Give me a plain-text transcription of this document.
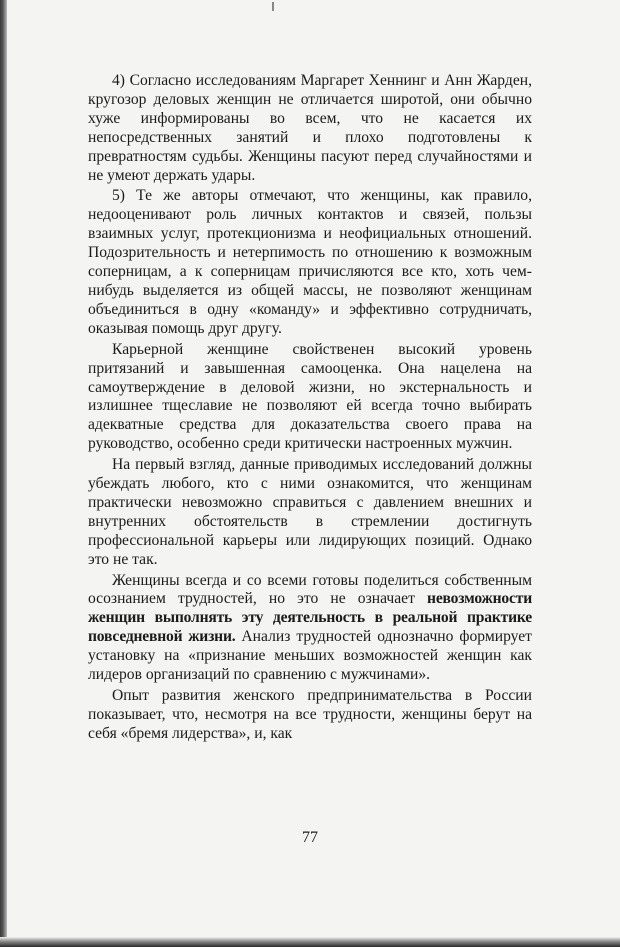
4) Согласно исследованиям Маргарет Хеннинг и Анн Жарден, кругозор деловых женщин не отличается широтой, они обычно хуже информированы во всем, что не касается их непосредственных занятий и плохо подготовлены к превратностям судьбы. Женщины пасуют перед случайностями и не умеют держать удары.

5) Те же авторы отмечают, что женщины, как правило, недооценивают роль личных контактов и связей, пользы взаимных услуг, протекционизма и неофициальных отношений. Подозрительность и нетерпимость по отношению к возможным соперницам, а к соперницам причисляются все кто, хоть чем-нибудь выделяется из общей массы, не позволяют женщинам объединиться в одну «команду» и эффективно сотрудничать, оказывая помощь друг другу.

Карьерной женщине свойственен высокий уровень притязаний и завышенная самооценка. Она нацелена на самоутверждение в деловой жизни, но экстернальность и излишнее тщеславие не позволяют ей всегда точно выбирать адекватные средства для доказательства своего права на руководство, особенно среди критически настроенных мужчин.

На первый взгляд, данные приводимых исследований должны убеждать любого, кто с ними ознакомится, что женщинам практически невозможно справиться с давлением внешних и внутренних обстоятельств в стремлении достигнуть профессиональной карьеры или лидирующих позиций. Однако это не так.

Женщины всегда и со всеми готовы поделиться собственным осознанием трудностей, но это не означает невозможности женщин выполнять эту деятельность в реальной практике повседневной жизни. Анализ трудностей однозначно формирует установку на «признание меньших возможностей женщин как лидеров организаций по сравнению с мужчинами».

Опыт развития женского предпринимательства в России показывает, что, несмотря на все трудности, женщины берут на себя «бремя лидерства», и, как

77
